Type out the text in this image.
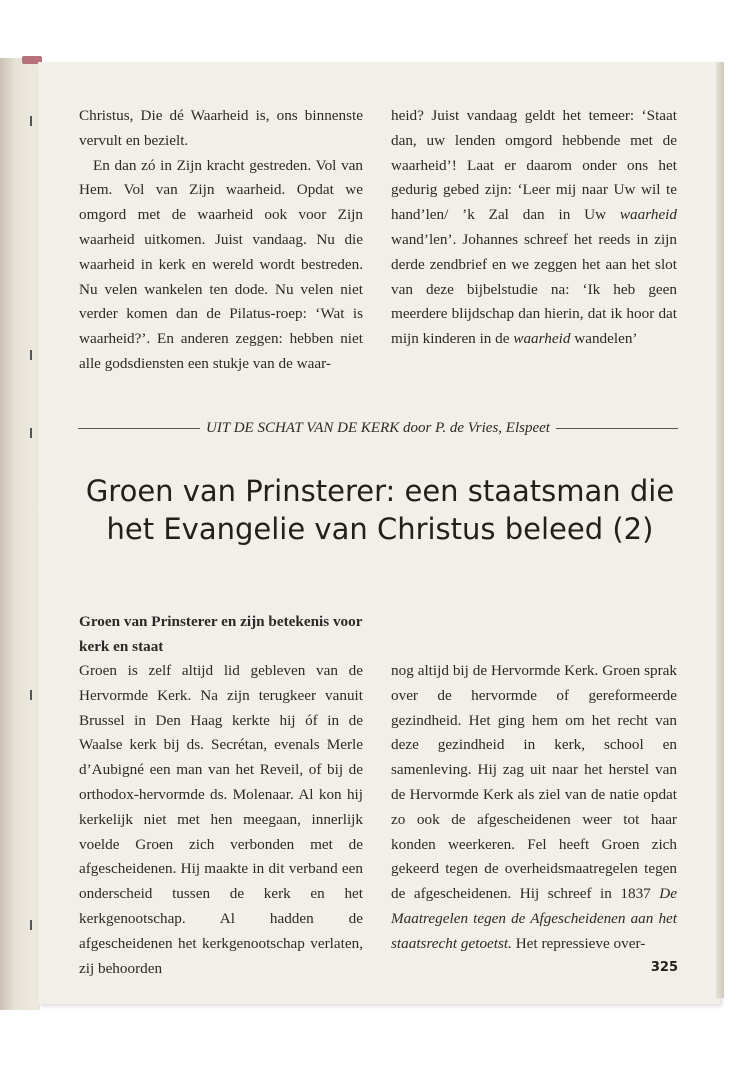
Christus, Die dé Waarheid is, ons binnenste vervult en bezielt.

En dan zó in Zijn kracht gestreden. Vol van Hem. Vol van Zijn waarheid. Opdat we omgord met de waarheid ook voor Zijn waarheid uitkomen. Juist vandaag. Nu die waarheid in kerk en wereld wordt bestreden. Nu velen wankelen ten dode. Nu velen niet verder komen dan de Pilatus-roep: ‘Wat is waarheid?’. En anderen zeggen: hebben niet alle godsdiensten een stukje van de waar-

heid? Juist vandaag geldt het temeer: ‘Staat dan, uw lenden omgord hebbende met de waarheid’! Laat er daarom onder ons het gedurig gebed zijn: ‘Leer mij naar Uw wil te hand’len/ ’k Zal dan in Uw waarheid wand’len’. Johannes schreef het reeds in zijn derde zendbrief en we zeggen het aan het slot van deze bijbelstudie na: ‘Ik heb geen meerdere blijdschap dan hierin, dat ik hoor dat mijn kinderen in de waarheid wandelen’

UIT DE SCHAT VAN DE KERK door P. de Vries, Elspeet
Groen van Prinsterer: een staatsman die het Evangelie van Christus beleed (2)
Groen van Prinsterer en zijn betekenis voor kerk en staat

Groen is zelf altijd lid gebleven van de Hervormde Kerk. Na zijn terugkeer vanuit Brussel in Den Haag kerkte hij óf in de Waalse kerk bij ds. Secrétan, evenals Merle d’Aubigné een man van het Reveil, of bij de orthodox-hervormde ds. Molenaar. Al kon hij kerkelijk niet met hen meegaan, innerlijk voelde Groen zich verbonden met de afgescheidenen. Hij maakte in dit verband een onderscheid tussen de kerk en het kerkgenootschap. Al hadden de afgescheidenen het kerkgenootschap verlaten, zij behoorden

nog altijd bij de Hervormde Kerk. Groen sprak over de hervormde of gereformeerde gezindheid. Het ging hem om het recht van deze gezindheid in kerk, school en samenleving. Hij zag uit naar het herstel van de Hervormde Kerk als ziel van de natie opdat zo ook de afgescheidenen weer tot haar konden weerkeren. Fel heeft Groen zich gekeerd tegen de overheidsmaatregelen tegen de afgescheidenen. Hij schreef in 1837 De Maatregelen tegen de Afgescheidenen aan het staatsrecht getoetst. Het repressieve over-

325
